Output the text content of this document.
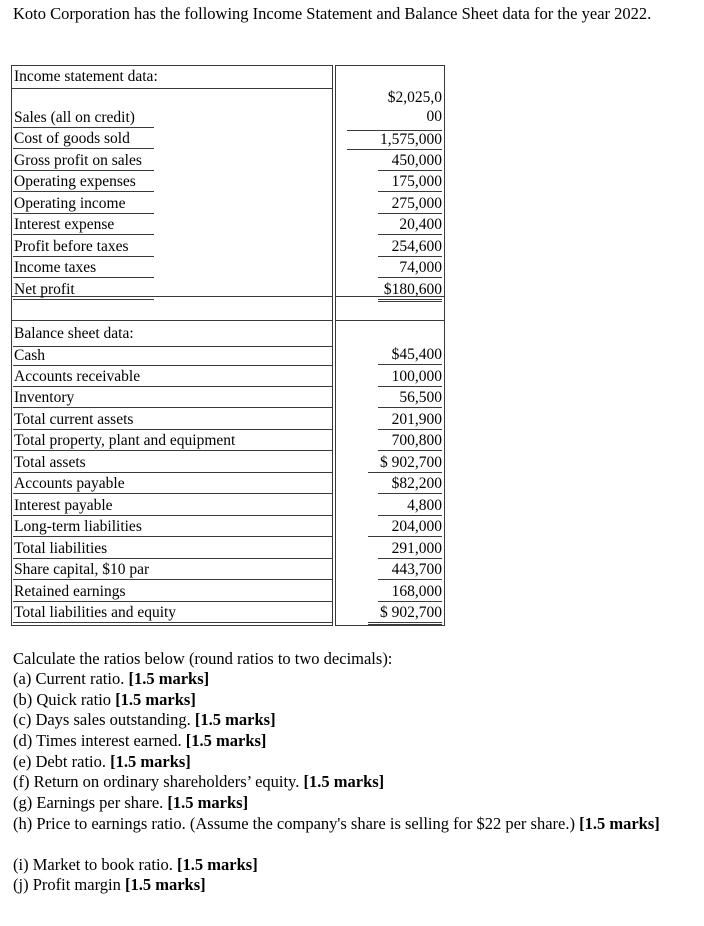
Koto Corporation has the following Income Statement and Balance Sheet data for the year 2022.

Income statement data:
Sales (all on credit)
Cost of goods sold
Gross profit on sales
Operating expenses
Operating income
Interest expense
Profit before taxes
Income taxes
Net profit
$2,025,0
00
1,575,000
450,000
175,000
275,000
20,400
254,600
74,000
$180,600
Balance sheet data:
Cash
Accounts receivable
Inventory
Total current assets
Total property, plant and equipment
Total assets
Accounts payable
Interest payable
Long-term liabilities
Total liabilities
Share capital, $10 par
Retained earnings
Total liabilities and equity
$45,400
100,000
56,500
201,900
700,800
$ 902,700
$82,200
4,800
204,000
291,000
443,700
168,000
$ 902,700
Calculate the ratios below (round ratios to two decimals):
(a) Current ratio. [1.5 marks]
(b) Quick ratio [1.5 marks]
(c) Days sales outstanding. [1.5 marks]
(d) Times interest earned. [1.5 marks]
(e) Debt ratio. [1.5 marks]
(f) Return on ordinary shareholders’ equity. [1.5 marks]
(g) Earnings per share. [1.5 marks]
(h) Price to earnings ratio. (Assume the company's share is selling for $22 per share.) [1.5 marks]
(i) Market to book ratio. [1.5 marks]
(j) Profit margin [1.5 marks]
